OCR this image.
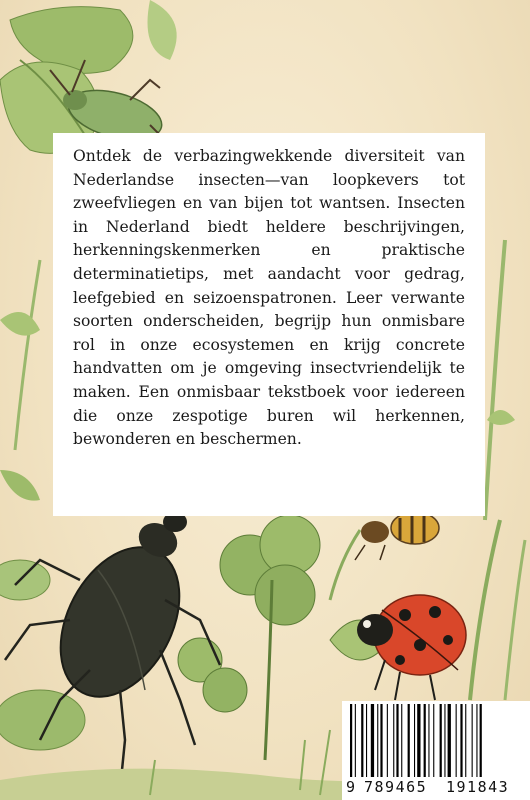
Ontdek de verbazingwekkende diversiteit van Nederlandse insecten—van loopkevers tot zweefvliegen en van bijen tot wantsen. Insecten in Nederland biedt heldere beschrijvingen, herkenningskenmerken en praktische determinatietips, met aandacht voor gedrag, leefgebied en seizoenspatronen. Leer verwante soorten onderscheiden, begrijp hun onmisbare rol in onze ecosystemen en krijg concrete handvatten om je omgeving insectvriendelijk te maken. Een onmisbaar tekstboek voor iedereen die onze zespotige buren wil herkennen, bewonderen en beschermen.

9 789465 191843
